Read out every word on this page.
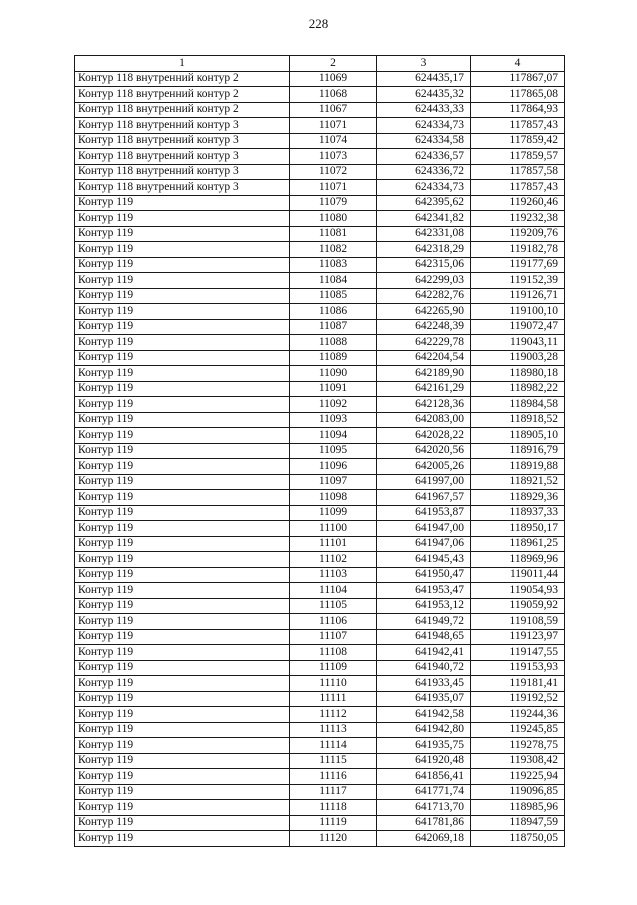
228
1	2	3	4
Контур 118 внутренний контур 2	11069	624435,17	117867,07
Контур 118 внутренний контур 2	11068	624435,32	117865,08
Контур 118 внутренний контур 2	11067	624433,33	117864,93
Контур 118 внутренний контур 3	11071	624334,73	117857,43
Контур 118 внутренний контур 3	11074	624334,58	117859,42
Контур 118 внутренний контур 3	11073	624336,57	117859,57
Контур 118 внутренний контур 3	11072	624336,72	117857,58
Контур 118 внутренний контур 3	11071	624334,73	117857,43
Контур 119	11079	642395,62	119260,46
Контур 119	11080	642341,82	119232,38
Контур 119	11081	642331,08	119209,76
Контур 119	11082	642318,29	119182,78
Контур 119	11083	642315,06	119177,69
Контур 119	11084	642299,03	119152,39
Контур 119	11085	642282,76	119126,71
Контур 119	11086	642265,90	119100,10
Контур 119	11087	642248,39	119072,47
Контур 119	11088	642229,78	119043,11
Контур 119	11089	642204,54	119003,28
Контур 119	11090	642189,90	118980,18
Контур 119	11091	642161,29	118982,22
Контур 119	11092	642128,36	118984,58
Контур 119	11093	642083,00	118918,52
Контур 119	11094	642028,22	118905,10
Контур 119	11095	642020,56	118916,79
Контур 119	11096	642005,26	118919,88
Контур 119	11097	641997,00	118921,52
Контур 119	11098	641967,57	118929,36
Контур 119	11099	641953,87	118937,33
Контур 119	11100	641947,00	118950,17
Контур 119	11101	641947,06	118961,25
Контур 119	11102	641945,43	118969,96
Контур 119	11103	641950,47	119011,44
Контур 119	11104	641953,47	119054,93
Контур 119	11105	641953,12	119059,92
Контур 119	11106	641949,72	119108,59
Контур 119	11107	641948,65	119123,97
Контур 119	11108	641942,41	119147,55
Контур 119	11109	641940,72	119153,93
Контур 119	11110	641933,45	119181,41
Контур 119	11111	641935,07	119192,52
Контур 119	11112	641942,58	119244,36
Контур 119	11113	641942,80	119245,85
Контур 119	11114	641935,75	119278,75
Контур 119	11115	641920,48	119308,42
Контур 119	11116	641856,41	119225,94
Контур 119	11117	641771,74	119096,85
Контур 119	11118	641713,70	118985,96
Контур 119	11119	641781,86	118947,59
Контур 119	11120	642069,18	118750,05
